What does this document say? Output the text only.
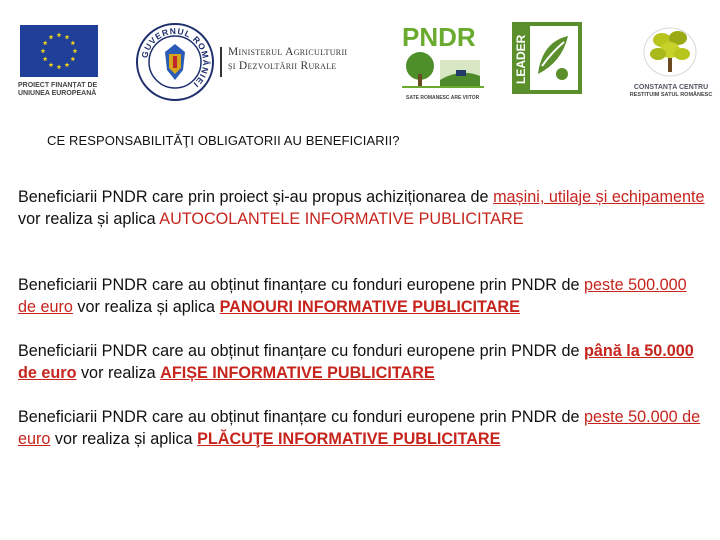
PROIECT FINANȚAT DE
UNIUNEA EUROPEANĂ
GUVERNUL ROMÂNIEI
Ministerul Agriculturii
și Dezvoltării Rurale
PNDR
SATE ROMANESC ARE VIITOR
LEADER
CONSTANȚA CENTRU
RESTITUIM SATUL ROMÂNESC
CE RESPONSABILITĂŢI OBLIGATORII AU BENEFICIARII?
Beneficiarii PNDR care prin proiect și-au propus achiziționarea de mașini, utilaje și echipamente vor realiza și aplica AUTOCOLANTELE INFORMATIVE PUBLICITARE
Beneficiarii PNDR care au obținut finanțare cu fonduri europene prin PNDR de peste 500.000 de euro vor realiza și aplica PANOURI INFORMATIVE PUBLICITARE
Beneficiarii PNDR care au obținut finanțare cu fonduri europene prin PNDR de până la 50.000 de euro vor realiza AFIȘE INFORMATIVE PUBLICITARE
Beneficiarii PNDR care au obținut finanțare cu fonduri europene prin PNDR de peste 50.000 de euro vor realiza și aplica PLĂCUŢE INFORMATIVE PUBLICITARE
